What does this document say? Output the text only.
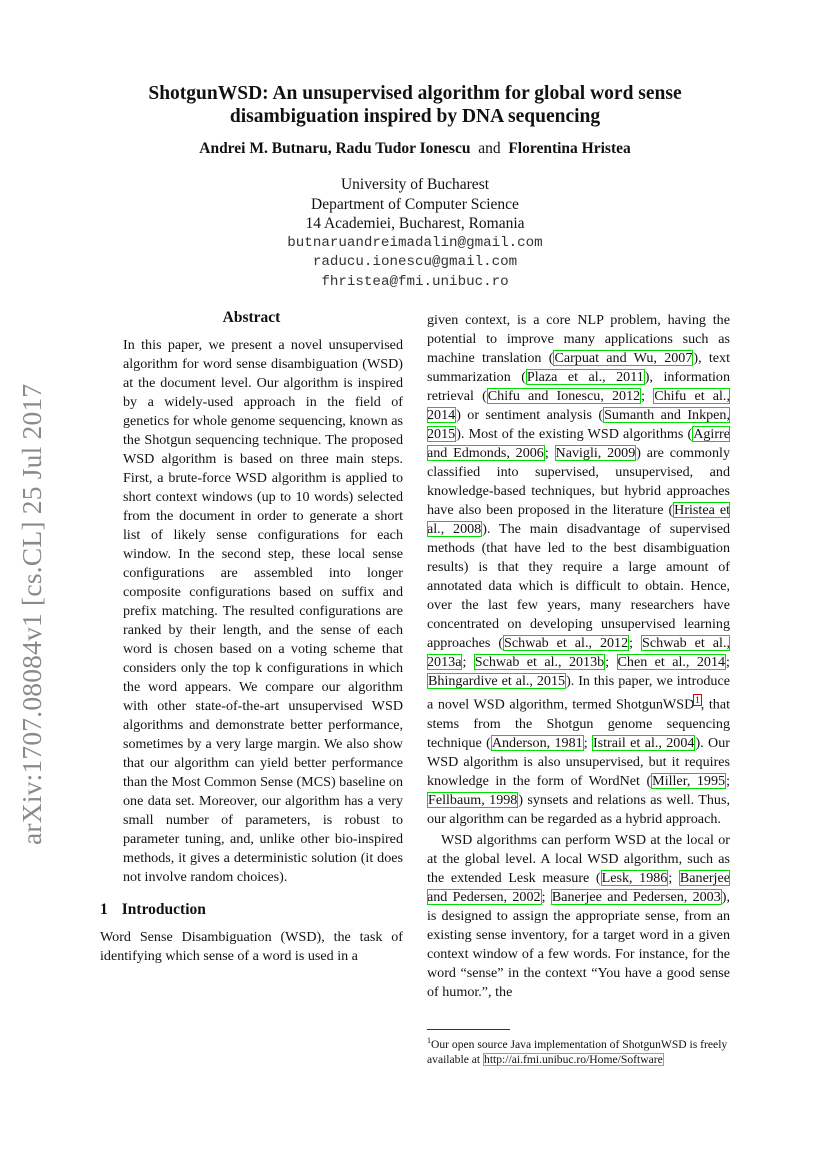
arXiv:1707.08084v1 [cs.CL] 25 Jul 2017
ShotgunWSD: An unsupervised algorithm for global word sense
disambiguation inspired by DNA sequencing
Andrei M. Butnaru, Radu Tudor Ionescu and Florentina Hristea
University of Bucharest
Department of Computer Science
14 Academiei, Bucharest, Romania
butnaruandreimadalin@gmail.com
raducu.ionescu@gmail.com
fhristea@fmi.unibuc.ro
Abstract
In this paper, we present a novel unsupervised algorithm for word sense disambiguation (WSD) at the document level. Our algorithm is inspired by a widely-used approach in the field of genetics for whole genome sequencing, known as the Shotgun sequencing technique. The proposed WSD algorithm is based on three main steps. First, a brute-force WSD algorithm is applied to short context windows (up to 10 words) selected from the document in order to generate a short list of likely sense configurations for each window. In the second step, these local sense configurations are assembled into longer composite configurations based on suffix and prefix matching. The resulted configurations are ranked by their length, and the sense of each word is chosen based on a voting scheme that considers only the top k configurations in which the word appears. We compare our algorithm with other state-of-the-art unsupervised WSD algorithms and demonstrate better performance, sometimes by a very large margin. We also show that our algorithm can yield better performance than the Most Common Sense (MCS) baseline on one data set. Moreover, our algorithm has a very small number of parameters, is robust to parameter tuning, and, unlike other bio-inspired methods, it gives a deterministic solution (it does not involve random choices).
1 Introduction

Word Sense Disambiguation (WSD), the task of identifying which sense of a word is used in a

given context, is a core NLP problem, having the potential to improve many applications such as machine translation (Carpuat and Wu, 2007), text summarization (Plaza et al., 2011), information retrieval (Chifu and Ionescu, 2012; Chifu et al., 2014) or sentiment analysis (Sumanth and Inkpen, 2015). Most of the existing WSD algorithms (Agirre and Edmonds, 2006; Navigli, 2009) are commonly classified into supervised, unsupervised, and knowledge-based techniques, but hybrid approaches have also been proposed in the literature (Hristea et al., 2008). The main disadvantage of supervised methods (that have led to the best disambiguation results) is that they require a large amount of annotated data which is difficult to obtain. Hence, over the last few years, many researchers have concentrated on developing unsupervised learning approaches (Schwab et al., 2012; Schwab et al., 2013a; Schwab et al., 2013b; Chen et al., 2014; Bhingardive et al., 2015). In this paper, we introduce a novel WSD algorithm, termed ShotgunWSD$^1$, that stems from the Shotgun genome sequencing technique (Anderson, 1981; Istrail et al., 2004). Our WSD algorithm is also unsupervised, but it requires knowledge in the form of WordNet (Miller, 1995; Fellbaum, 1998) synsets and relations as well. Thus, our algorithm can be regarded as a hybrid approach.

WSD algorithms can perform WSD at the local or at the global level. A local WSD algorithm, such as the extended Lesk measure (Lesk, 1986; Banerjee and Pedersen, 2002; Banerjee and Pedersen, 2003), is designed to assign the appropriate sense, from an existing sense inventory, for a target word in a given context window of a few words. For instance, for the word “sense” in the context “You have a good sense of humor.”, the

$^1$Our open source Java implementation of ShotgunWSD is freely available at http://ai.fmi.unibuc.ro/Home/Software
